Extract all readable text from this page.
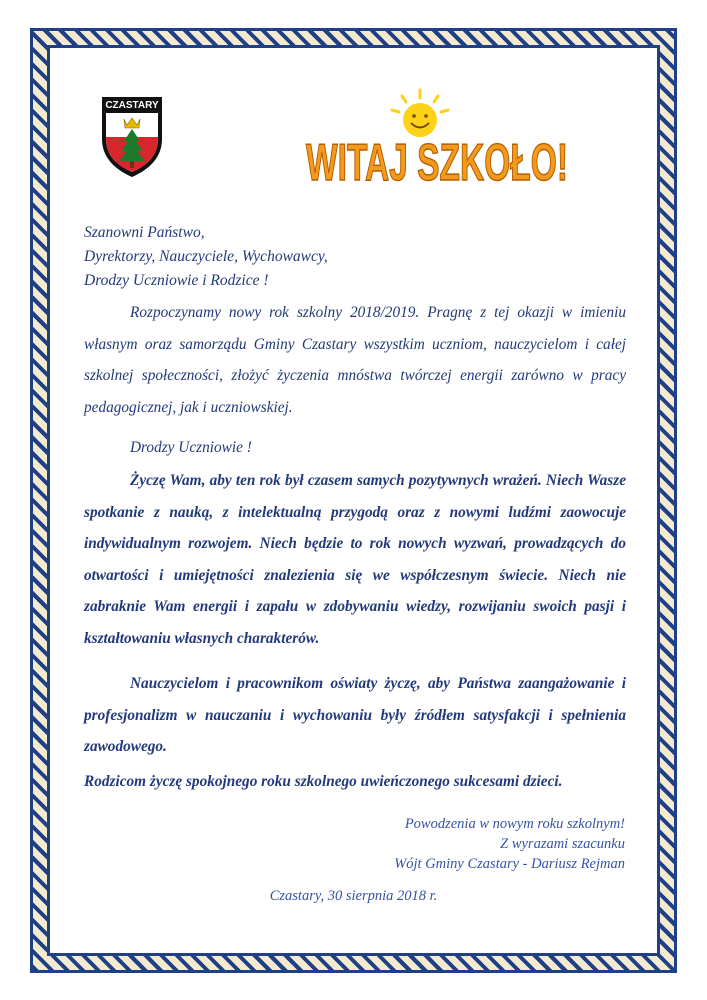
CZASTARY
WITAJ SZKOŁO!
Szanowni Państwo,
Dyrektorzy, Nauczyciele, Wychowawcy,
Drodzy Uczniowie i Rodzice !
Rozpoczynamy nowy rok szkolny 2018/2019. Pragnę z tej okazji w imieniu własnym oraz samorządu Gminy Czastary wszystkim uczniom, nauczycielom i całej szkolnej społeczności, złożyć życzenia mnóstwa twórczej energii zarówno w pracy pedagogicznej, jak i uczniowskiej.
Drodzy Uczniowie !
Życzę Wam, aby ten rok był czasem samych pozytywnych wrażeń. Niech Wasze spotkanie z nauką, z intelektualną przygodą oraz z nowymi ludźmi zaowocuje indywidualnym rozwojem. Niech będzie to rok nowych wyzwań, prowadzących do otwartości i umiejętności znalezienia się we współczesnym świecie. Niech nie zabraknie Wam energii i zapału w zdobywaniu wiedzy, rozwijaniu swoich pasji i kształtowaniu własnych charakterów.
Nauczycielom i pracownikom oświaty życzę, aby Państwa zaangażowanie i profesjonalizm w nauczaniu i wychowaniu były źródłem satysfakcji i spełnienia zawodowego.
Rodzicom życzę spokojnego roku szkolnego uwieńczonego sukcesami dzieci.
Powodzenia w nowym roku szkolnym!
Z wyrazami szacunku
Wójt Gminy Czastary - Dariusz Rejman
Czastary, 30 sierpnia 2018 r.
